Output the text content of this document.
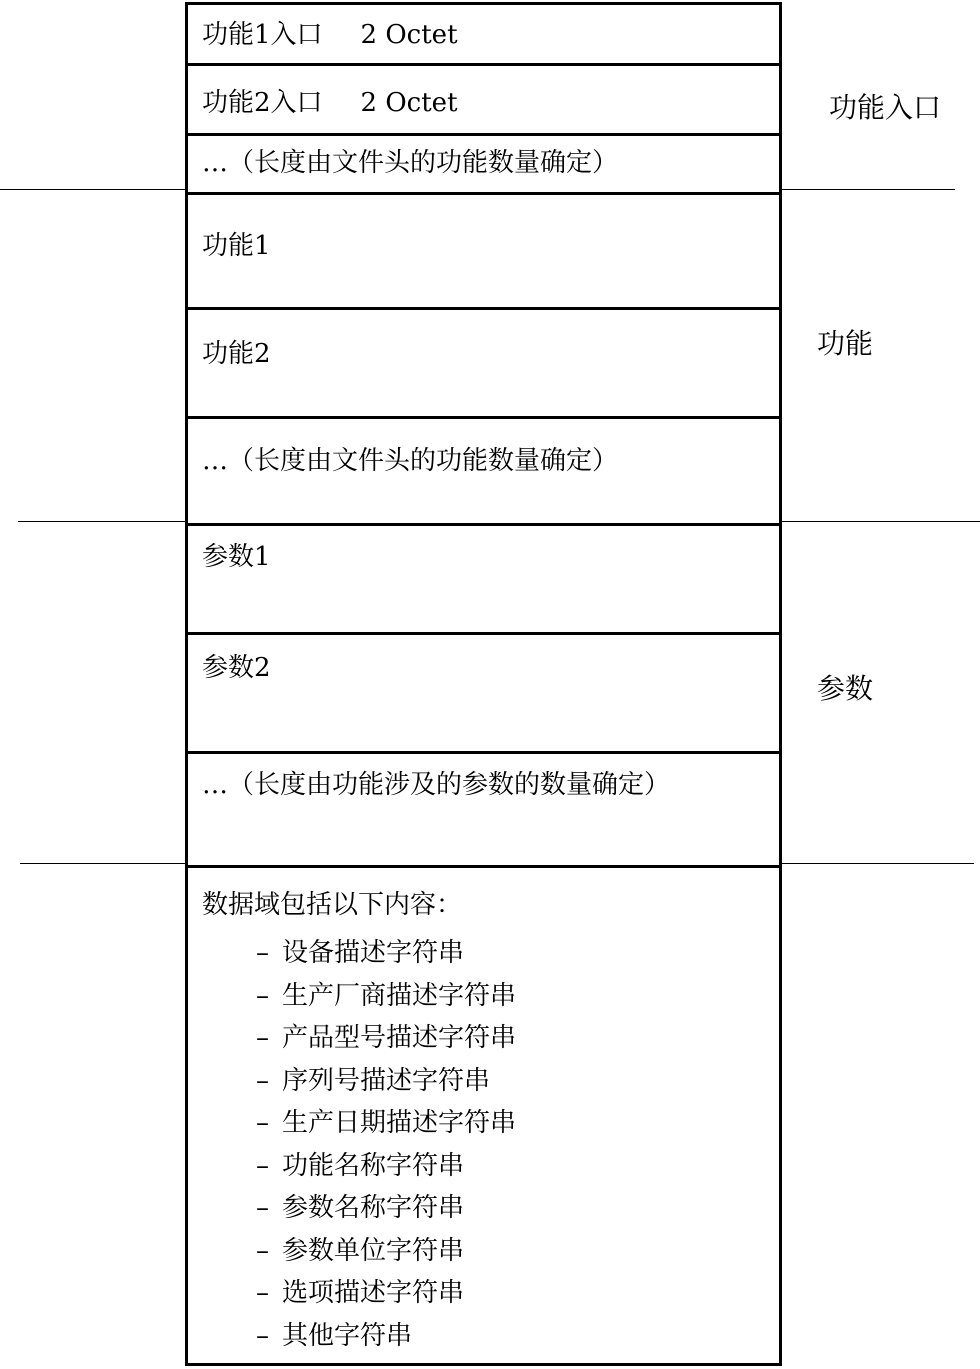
功能入口
功能
参数
功能1入口 2 Octet
功能2入口 2 Octet
…（长度由文件头的功能数量确定）
功能1
功能2
…（长度由文件头的功能数量确定）
参数1
参数2
…（长度由功能涉及的参数的数量确定）
数据域包括以下内容：
– 设备描述字符串
– 生产厂商描述字符串
– 产品型号描述字符串
– 序列号描述字符串
– 生产日期描述字符串
– 功能名称字符串
– 参数名称字符串
– 参数单位字符串
– 选项描述字符串
– 其他字符串
